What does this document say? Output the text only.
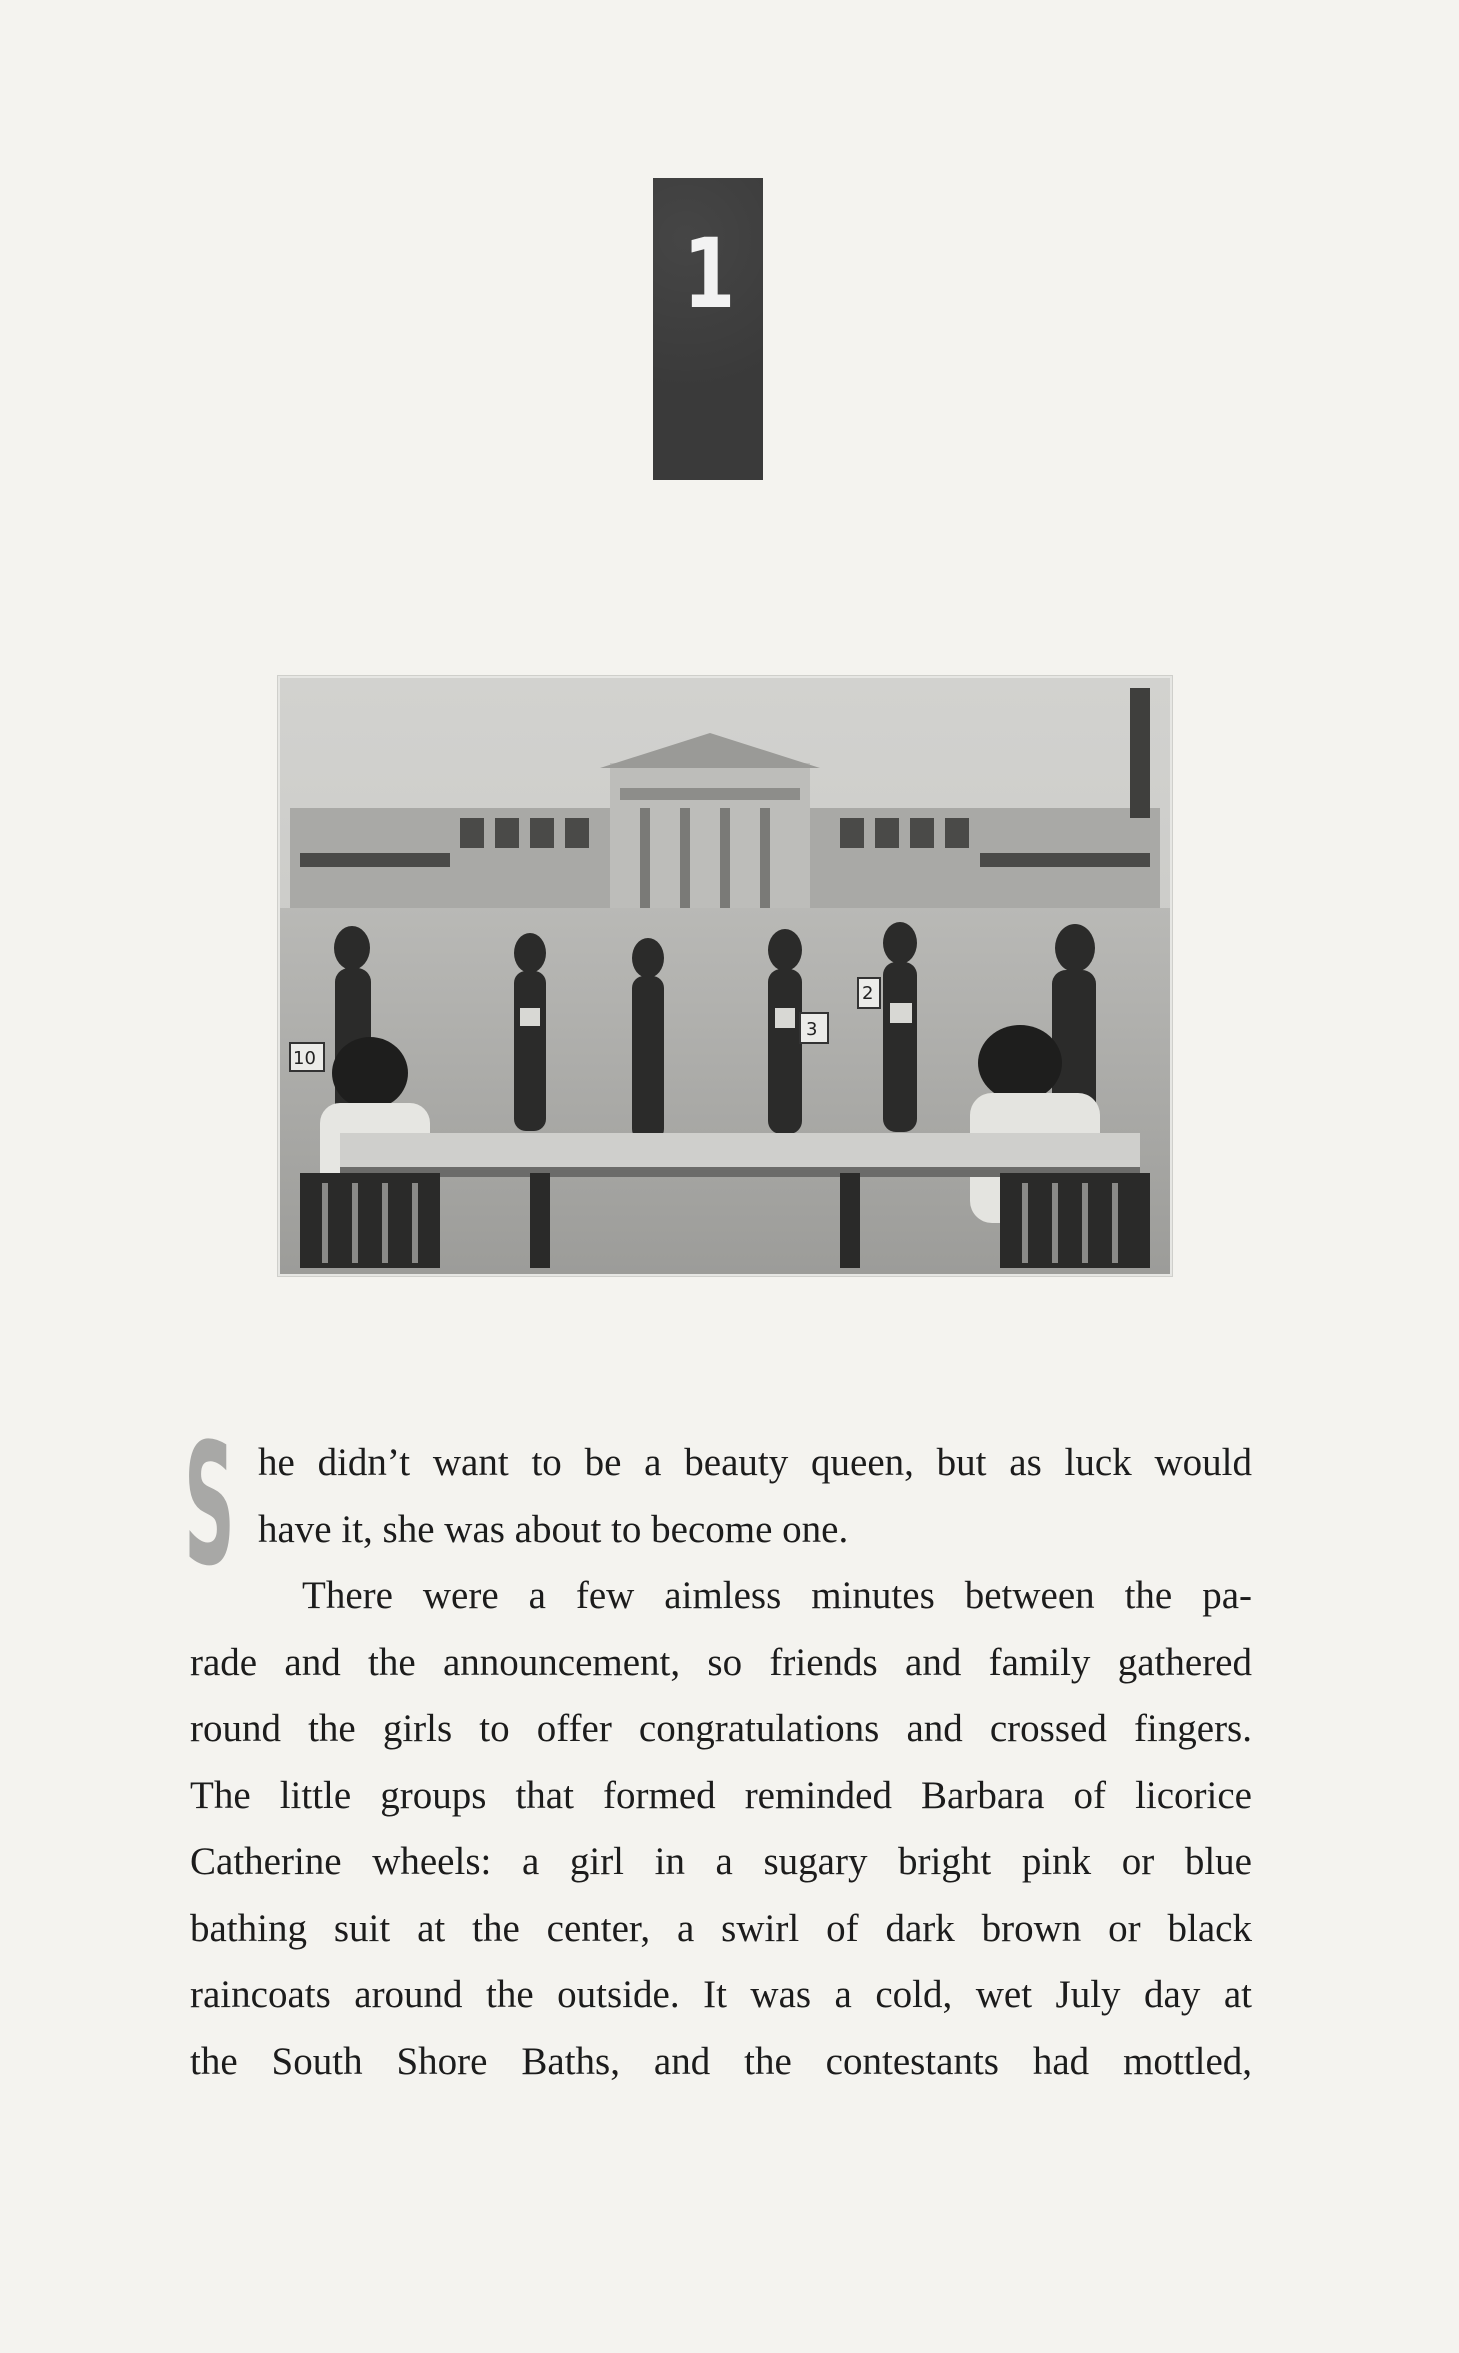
1
10
3
2
S he didn’t want to be a beauty queen, but as luck would
have it, she was about to become one.

There were a few aimless minutes between the pa-
rade and the announcement, so friends and family gathered
round the girls to offer congratulations and crossed fingers.
The little groups that formed reminded Barbara of licorice
Catherine wheels: a girl in a sugary bright pink or blue
bathing suit at the center, a swirl of dark brown or black
raincoats around the outside. It was a cold, wet July day at
the South Shore Baths, and the contestants had mottled,
